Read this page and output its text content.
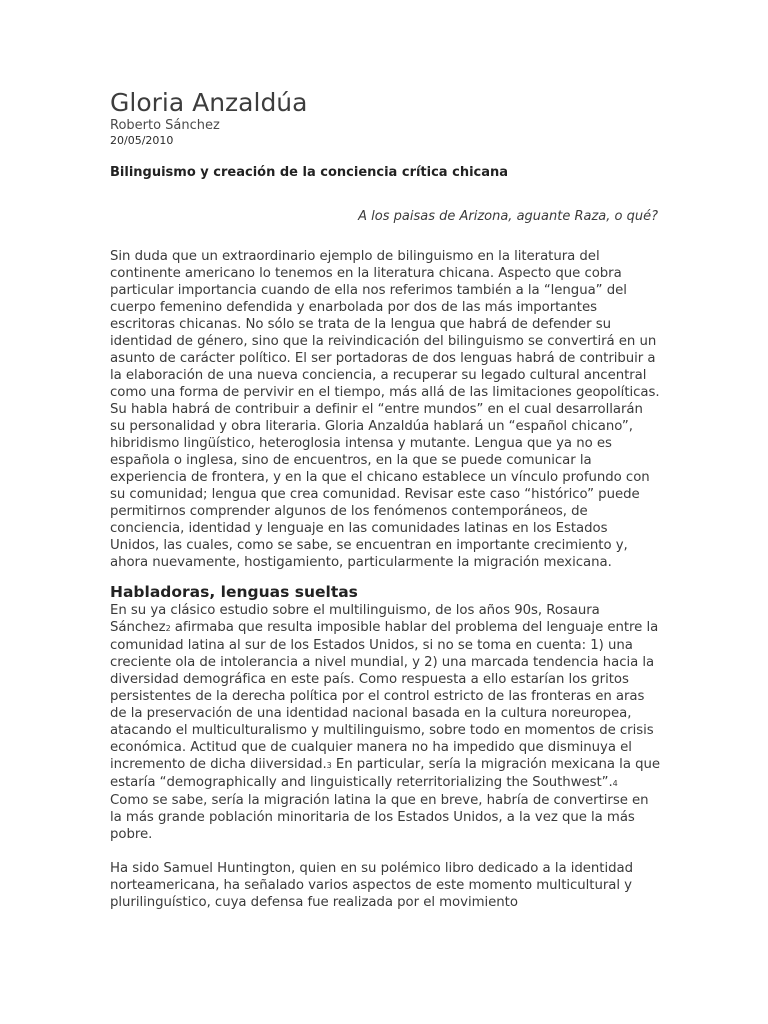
Gloria Anzaldúa

Roberto Sánchez

20/05/2010

Bilinguismo y creación de la conciencia crítica chicana

A los paisas de Arizona, aguante Raza, o qué?

Sin duda que un extraordinario ejemplo de bilinguismo en la literatura del continente americano lo tenemos en la literatura chicana. Aspecto que cobra particular importancia cuando de ella nos referimos también a la “lengua” del cuerpo femenino defendida y enarbolada por dos de las más importantes escritoras chicanas. No sólo se trata de la lengua que habrá de defender su identidad de género, sino que la reivindicación del bilinguismo se convertirá en un asunto de carácter político. El ser portadoras de dos lenguas habrá de contribuir a la elaboración de una nueva conciencia, a recuperar su legado cultural ancentral como una forma de pervivir en el tiempo, más allá de las limitaciones geopolíticas. Su habla habrá de contribuir a definir el “entre mundos” en el cual desarrollarán su personalidad y obra literaria. Gloria Anzaldúa hablará un “español chicano”, hibridismo lingüístico, heteroglosia intensa y mutante. Lengua que ya no es española o inglesa, sino de encuentros, en la que se puede comunicar la experiencia de frontera, y en la que el chicano establece un vínculo profundo con su comunidad; lengua que crea comunidad. Revisar este caso “histórico” puede permitirnos comprender algunos de los fenómenos contemporáneos, de conciencia, identidad y lenguaje en las comunidades latinas en los Estados Unidos, las cuales, como se sabe, se encuentran en importante crecimiento y, ahora nuevamente, hostigamiento, particularmente la migración mexicana.

Habladoras, lenguas sueltas

En su ya clásico estudio sobre el multilinguismo, de los años 90s, Rosaura Sánchez2 afirmaba que resulta imposible hablar del problema del lenguaje entre la comunidad latina al sur de los Estados Unidos, si no se toma en cuenta: 1) una creciente ola de intolerancia a nivel mundial, y 2) una marcada tendencia hacia la diversidad demográfica en este país. Como respuesta a ello estarían los gritos persistentes de la derecha política por el control estricto de las fronteras en aras de la preservación de una identidad nacional basada en la cultura noreuropea, atacando el multiculturalismo y multilinguismo, sobre todo en momentos de crisis económica. Actitud que de cualquier manera no ha impedido que disminuya el incremento de dicha diiversidad.3 En particular, sería la migración mexicana la que estaría “demographically and linguistically reterritorializing the Southwest”.4 Como se sabe, sería la migración latina la que en breve, habría de convertirse en la más grande población minoritaria de los Estados Unidos, a la vez que la más pobre.

Ha sido Samuel Huntington, quien en su polémico libro dedicado a la identidad norteamericana, ha señalado varios aspectos de este momento multicultural y plurilinguístico, cuya defensa fue realizada por el movimiento
